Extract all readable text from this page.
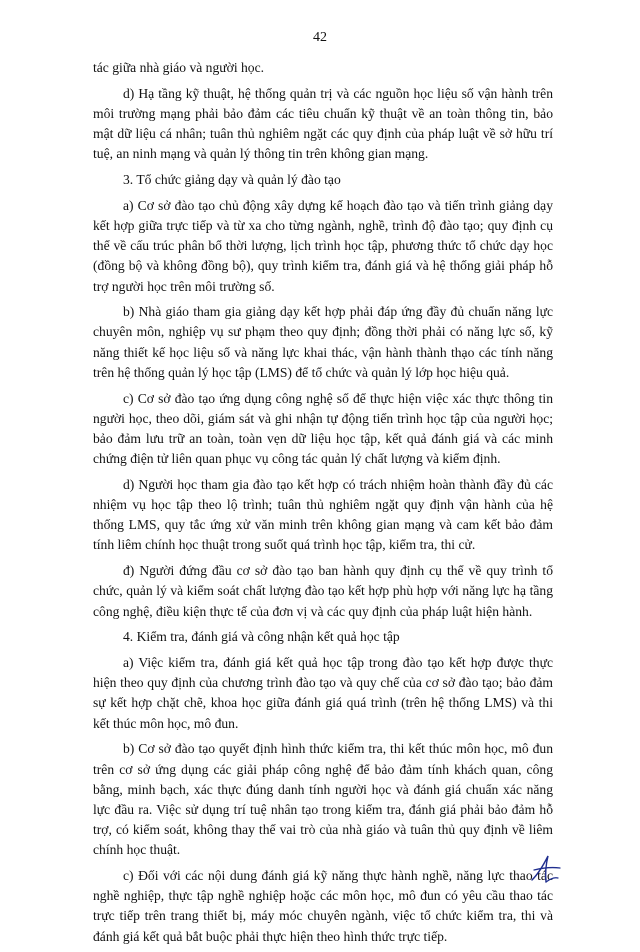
42

tác giữa nhà giáo và người học.

d) Hạ tầng kỹ thuật, hệ thống quản trị và các nguồn học liệu số vận hành trên môi trường mạng phải bảo đảm các tiêu chuẩn kỹ thuật về an toàn thông tin, bảo mật dữ liệu cá nhân; tuân thủ nghiêm ngặt các quy định của pháp luật về sở hữu trí tuệ, an ninh mạng và quản lý thông tin trên không gian mạng.

3. Tổ chức giảng dạy và quản lý đào tạo

a) Cơ sở đào tạo chủ động xây dựng kế hoạch đào tạo và tiến trình giảng dạy kết hợp giữa trực tiếp và từ xa cho từng ngành, nghề, trình độ đào tạo; quy định cụ thể về cấu trúc phân bổ thời lượng, lịch trình học tập, phương thức tổ chức dạy học (đồng bộ và không đồng bộ), quy trình kiểm tra, đánh giá và hệ thống giải pháp hỗ trợ người học trên môi trường số.

b) Nhà giáo tham gia giảng dạy kết hợp phải đáp ứng đầy đủ chuẩn năng lực chuyên môn, nghiệp vụ sư phạm theo quy định; đồng thời phải có năng lực số, kỹ năng thiết kế học liệu số và năng lực khai thác, vận hành thành thạo các tính năng trên hệ thống quản lý học tập (LMS) để tổ chức và quản lý lớp học hiệu quả.

c) Cơ sở đào tạo ứng dụng công nghệ số để thực hiện việc xác thực thông tin người học, theo dõi, giám sát và ghi nhận tự động tiến trình học tập của người học; bảo đảm lưu trữ an toàn, toàn vẹn dữ liệu học tập, kết quả đánh giá và các minh chứng điện tử liên quan phục vụ công tác quản lý chất lượng và kiểm định.

d) Người học tham gia đào tạo kết hợp có trách nhiệm hoàn thành đầy đủ các nhiệm vụ học tập theo lộ trình; tuân thủ nghiêm ngặt quy định vận hành của hệ thống LMS, quy tắc ứng xử văn minh trên không gian mạng và cam kết bảo đảm tính liêm chính học thuật trong suốt quá trình học tập, kiểm tra, thi cử.

đ) Người đứng đầu cơ sở đào tạo ban hành quy định cụ thể về quy trình tổ chức, quản lý và kiểm soát chất lượng đào tạo kết hợp phù hợp với năng lực hạ tầng công nghệ, điều kiện thực tế của đơn vị và các quy định của pháp luật hiện hành.

4. Kiểm tra, đánh giá và công nhận kết quả học tập

a) Việc kiểm tra, đánh giá kết quả học tập trong đào tạo kết hợp được thực hiện theo quy định của chương trình đào tạo và quy chế của cơ sở đào tạo; bảo đảm sự kết hợp chặt chẽ, khoa học giữa đánh giá quá trình (trên hệ thống LMS) và thi kết thúc môn học, mô đun.

b) Cơ sở đào tạo quyết định hình thức kiểm tra, thi kết thúc môn học, mô đun trên cơ sở ứng dụng các giải pháp công nghệ để bảo đảm tính khách quan, công bằng, minh bạch, xác thực đúng danh tính người học và đánh giá chuẩn xác năng lực đầu ra. Việc sử dụng trí tuệ nhân tạo trong kiểm tra, đánh giá phải bảo đảm hỗ trợ, có kiểm soát, không thay thế vai trò của nhà giáo và tuân thủ quy định về liêm chính học thuật.

c) Đối với các nội dung đánh giá kỹ năng thực hành nghề, năng lực thao tác nghề nghiệp, thực tập nghề nghiệp hoặc các môn học, mô đun có yêu cầu thao tác trực tiếp trên trang thiết bị, máy móc chuyên ngành, việc tổ chức kiểm tra, thi và đánh giá kết quả bắt buộc phải thực hiện theo hình thức trực tiếp.
